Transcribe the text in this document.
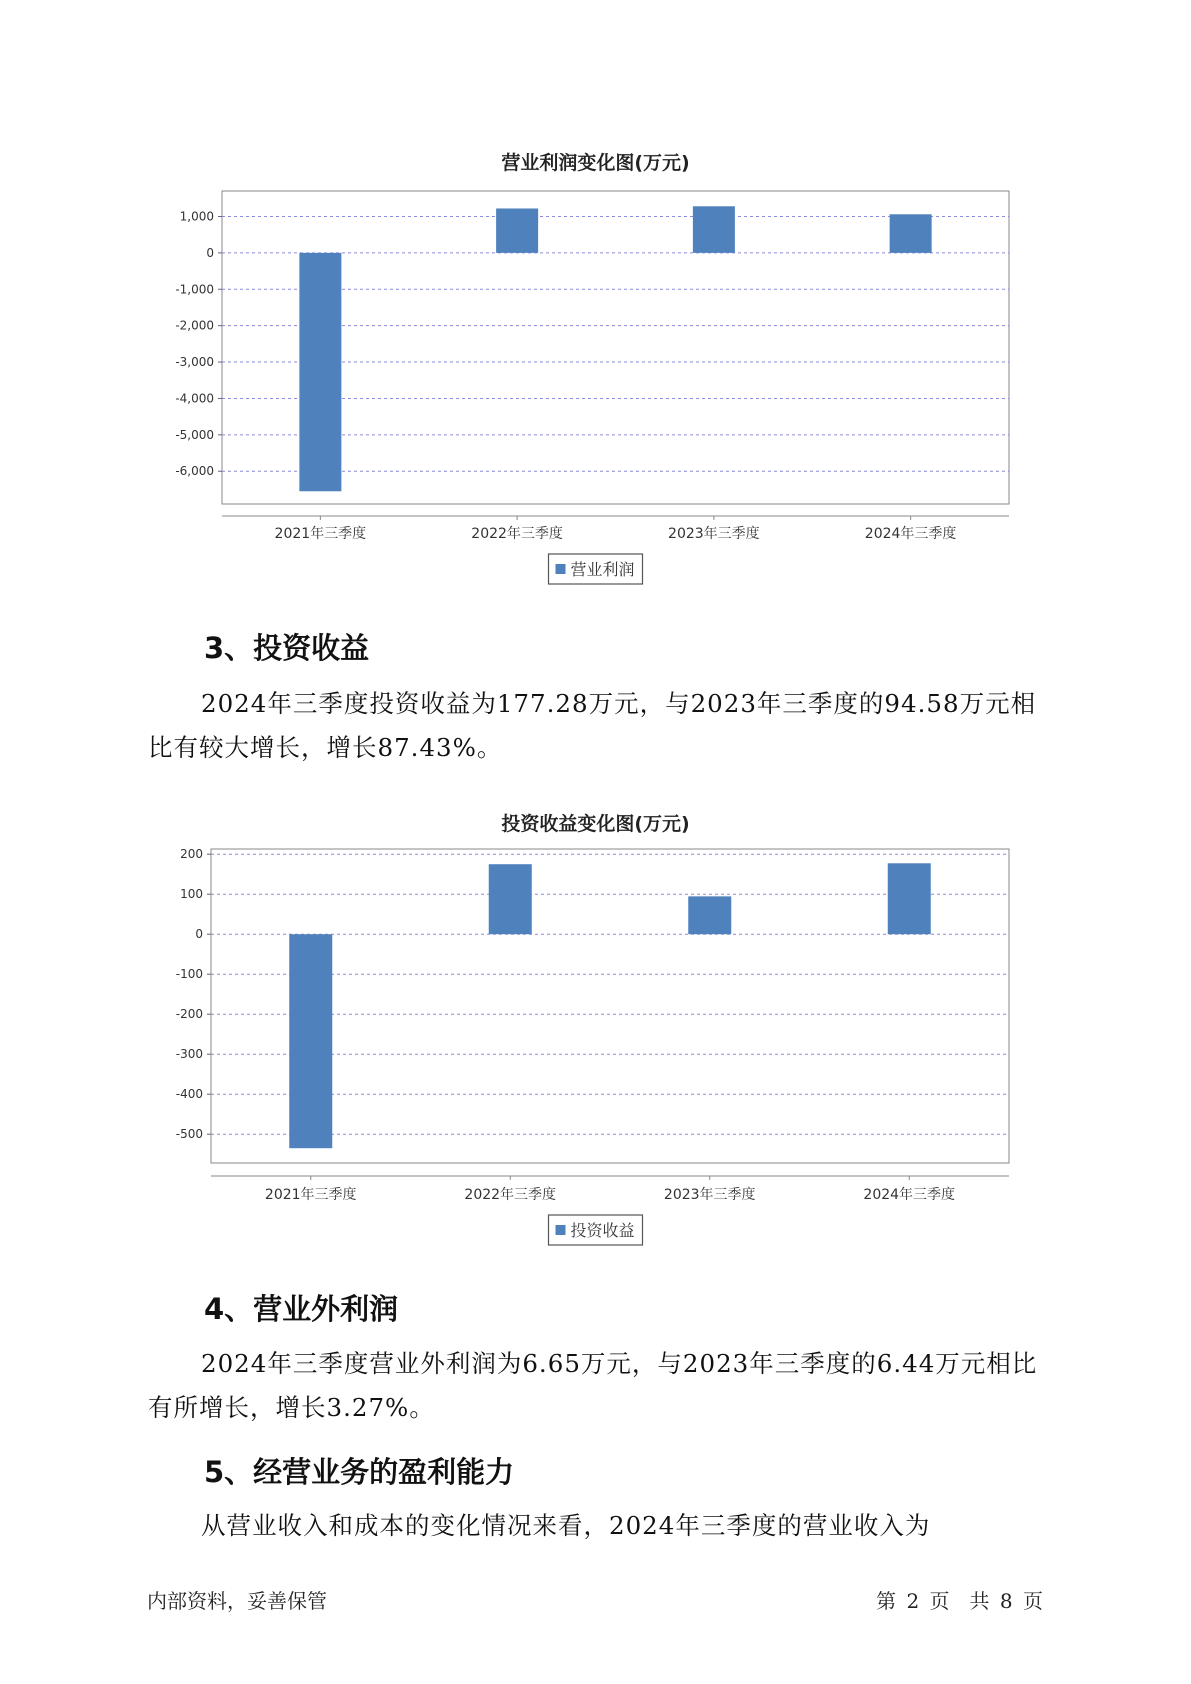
营业利润变化图(万元)
1,000
0
-1,000
-2,000
-3,000
-4,000
-5,000
-6,000
2021年三季度	2022年三季度	2023年三季度	2024年三季度
营业利润
3、投资收益

2024年三季度投资收益为177.28万元，与2023年三季度的94.58万元相比有较大增长，增长87.43%。

投资收益变化图(万元)
200
100
0
-100
-200
-300
-400
-500
2021年三季度	2022年三季度	2023年三季度	2024年三季度
投资收益
4、营业外利润

2024年三季度营业外利润为6.65万元，与2023年三季度的6.44万元相比有所增长，增长3.27%。

5、经营业务的盈利能力

从营业收入和成本的变化情况来看，2024年三季度的营业收入为

内部资料，妥善保管	第 2 页　共 8 页
